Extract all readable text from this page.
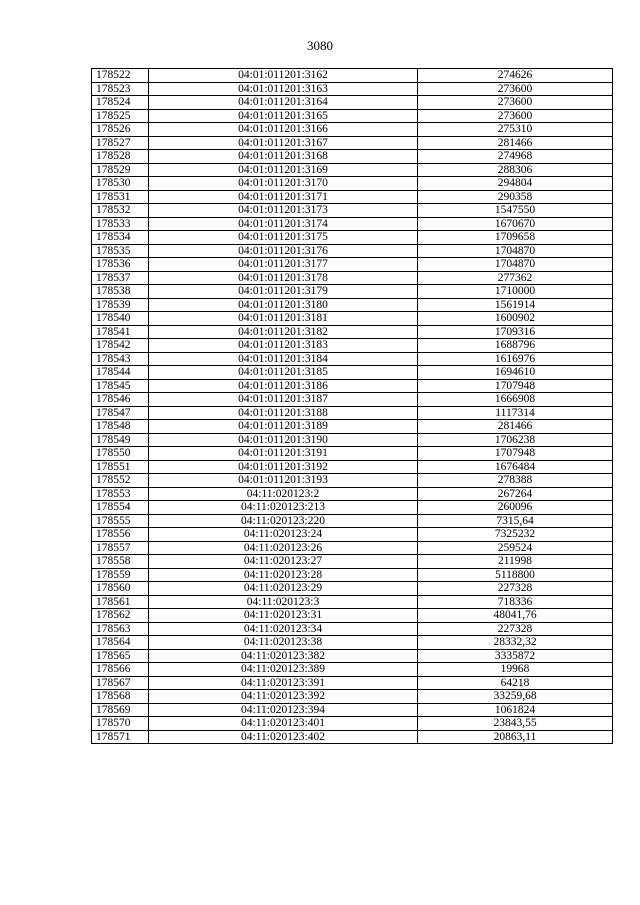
3080
178522	04:01:011201:3162	274626
178523	04:01:011201:3163	273600
178524	04:01:011201:3164	273600
178525	04:01:011201:3165	273600
178526	04:01:011201:3166	275310
178527	04:01:011201:3167	281466
178528	04:01:011201:3168	274968
178529	04:01:011201:3169	288306
178530	04:01:011201:3170	294804
178531	04:01:011201:3171	290358
178532	04:01:011201:3173	1547550
178533	04:01:011201:3174	1670670
178534	04:01:011201:3175	1709658
178535	04:01:011201:3176	1704870
178536	04:01:011201:3177	1704870
178537	04:01:011201:3178	277362
178538	04:01:011201:3179	1710000
178539	04:01:011201:3180	1561914
178540	04:01:011201:3181	1600902
178541	04:01:011201:3182	1709316
178542	04:01:011201:3183	1688796
178543	04:01:011201:3184	1616976
178544	04:01:011201:3185	1694610
178545	04:01:011201:3186	1707948
178546	04:01:011201:3187	1666908
178547	04:01:011201:3188	1117314
178548	04:01:011201:3189	281466
178549	04:01:011201:3190	1706238
178550	04:01:011201:3191	1707948
178551	04:01:011201:3192	1676484
178552	04:01:011201:3193	278388
178553	04:11:020123:2	267264
178554	04:11:020123:213	260096
178555	04:11:020123:220	7315,64
178556	04:11:020123:24	7325232
178557	04:11:020123:26	259524
178558	04:11:020123:27	211998
178559	04:11:020123:28	5118800
178560	04:11:020123:29	227328
178561	04:11:020123:3	718336
178562	04:11:020123:31	48041,76
178563	04:11:020123:34	227328
178564	04:11:020123:38	28332,32
178565	04:11:020123:382	3335872
178566	04:11:020123:389	19968
178567	04:11:020123:391	64218
178568	04:11:020123:392	33259,68
178569	04:11:020123:394	1061824
178570	04:11:020123:401	23843,55
178571	04:11:020123:402	20863,11
